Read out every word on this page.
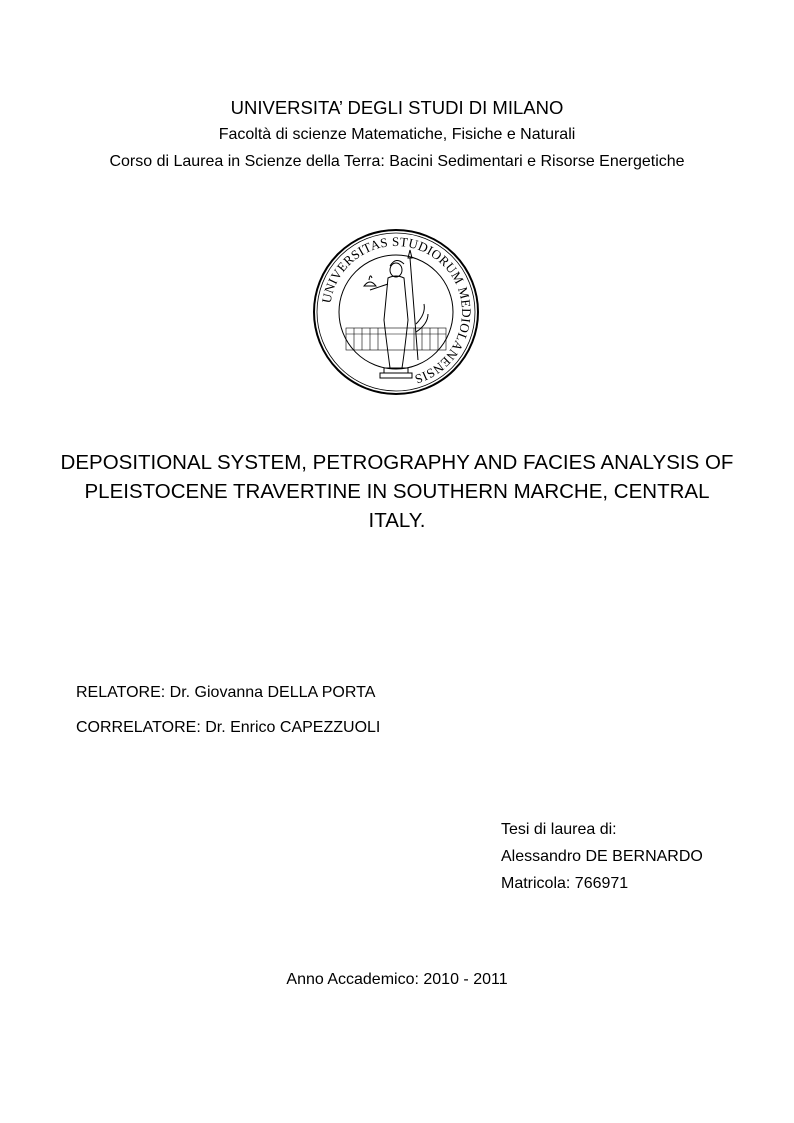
UNIVERSITA’ DEGLI STUDI DI MILANO
Facoltà di scienze Matematiche, Fisiche e Naturali
Corso di Laurea in Scienze della Terra: Bacini Sedimentari e Risorse Energetiche
UNIVERSITAS STUDIORUM MEDIOLANENSIS
DEPOSITIONAL SYSTEM, PETROGRAPHY AND FACIES ANALYSIS OF PLEISTOCENE TRAVERTINE IN SOUTHERN MARCHE, CENTRAL ITALY.
RELATORE: Dr. Giovanna DELLA PORTA
CORRELATORE: Dr. Enrico CAPEZZUOLI
Tesi di laurea di:
Alessandro DE BERNARDO
Matricola: 766971
Anno Accademico: 2010 - 2011
